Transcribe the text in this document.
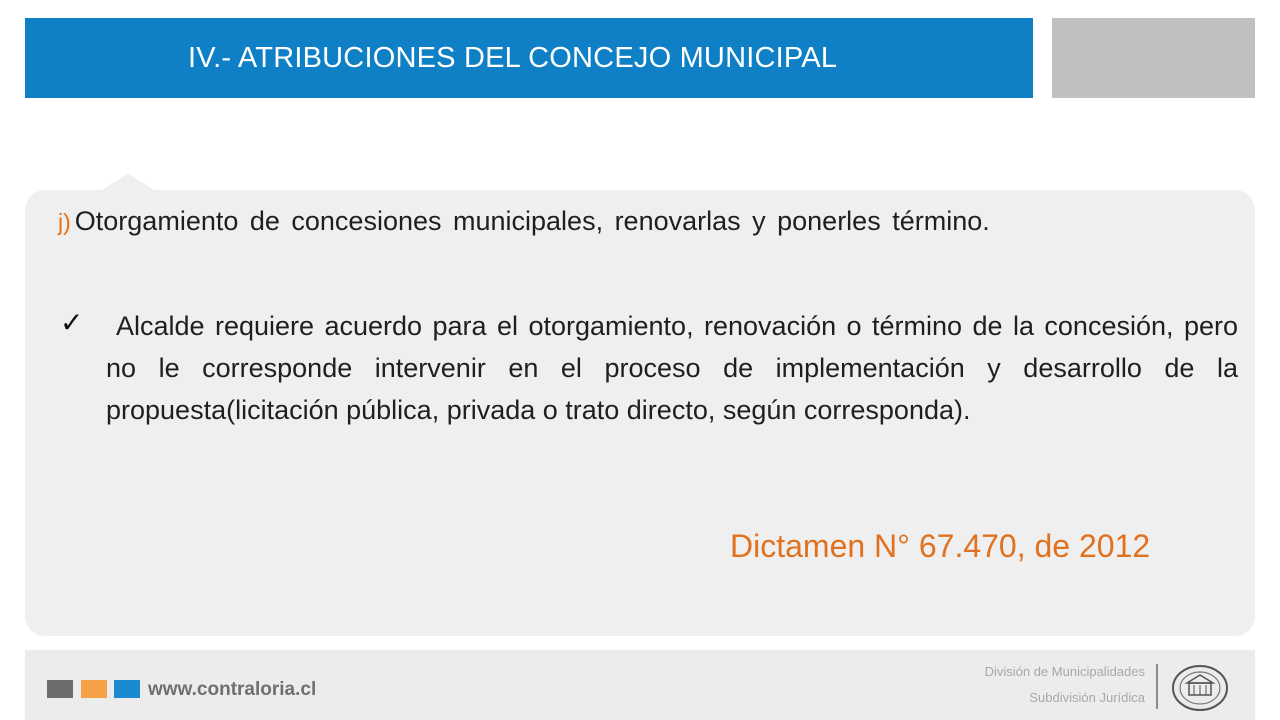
IV.- ATRIBUCIONES DEL CONCEJO MUNICIPAL
j) Otorgamiento de concesiones municipales, renovarlas y ponerles término.
✓	Alcalde requiere acuerdo para el otorgamiento, renovación o término de la concesión, pero no le corresponde intervenir en el proceso de implementación y desarrollo de la propuesta(licitación pública, privada o trato directo, según corresponda).
Dictamen N° 67.470, de 2012
www.contraloria.cl
División de Municipalidades
Subdivisión Jurídica
